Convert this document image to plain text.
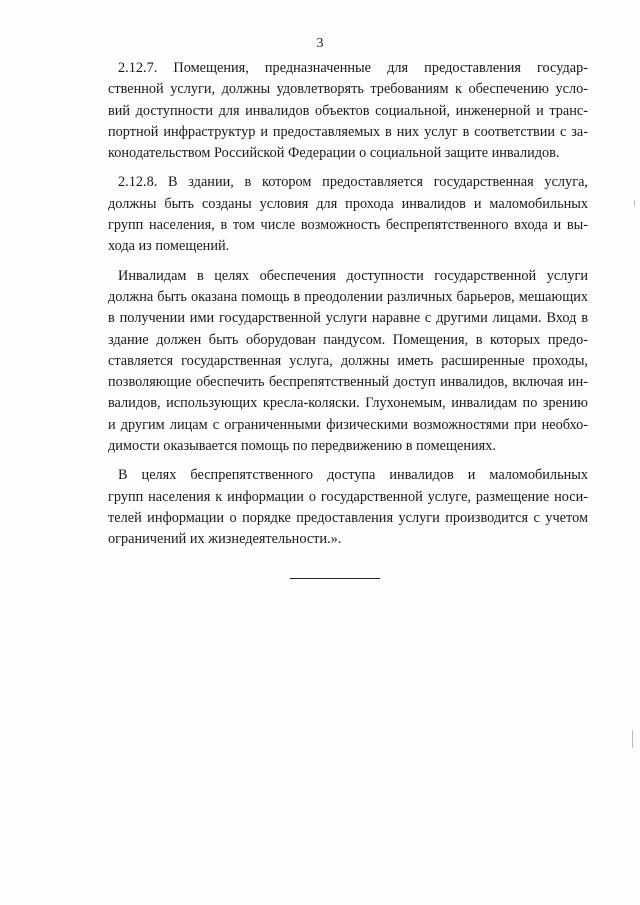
3

2.12.7. Помещения, предназначенные для предоставления государ-
ственной услуги, должны удовлетворять требованиям к обеспечению усло-
вий доступности для инвалидов объектов социальной, инженерной и транс-
портной инфраструктур и предоставляемых в них услуг в соответствии с за-
конодательством Российской Федерации о социальной защите инвалидов.

2.12.8. В здании, в котором предоставляется государственная услуга,
должны быть созданы условия для прохода инвалидов и маломобильных
групп населения, в том числе возможность беспрепятственного входа и вы-
хода из помещений.

Инвалидам в целях обеспечения доступности государственной услуги
должна быть оказана помощь в преодолении различных барьеров, мешающих
в получении ими государственной услуги наравне с другими лицами. Вход в
здание должен быть оборудован пандусом. Помещения, в которых предо-
ставляется государственная услуга, должны иметь расширенные проходы,
позволяющие обеспечить беспрепятственный доступ инвалидов, включая ин-
валидов, использующих кресла-коляски. Глухонемым, инвалидам по зрению
и другим лицам с ограниченными физическими возможностями при необхо-
димости оказывается помощь по передвижению в помещениях.

В целях беспрепятственного доступа инвалидов и маломобильных
групп населения к информации о государственной услуге, размещение носи-
телей информации о порядке предоставления услуги производится с учетом
ограничений их жизнедеятельности.».
